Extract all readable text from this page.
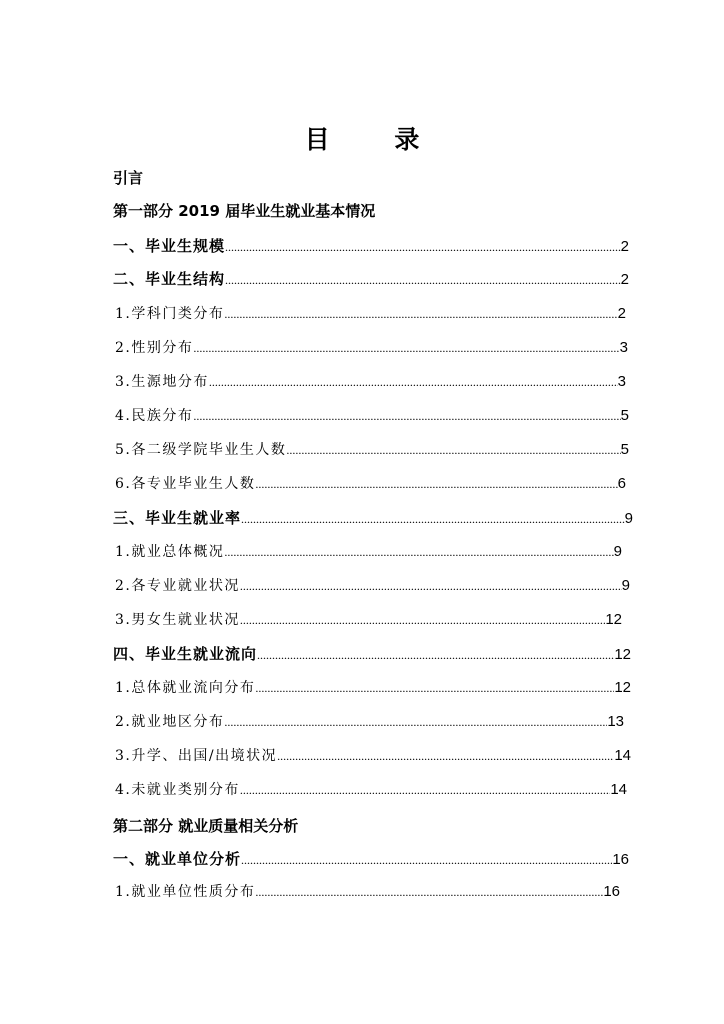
目 录
引言
第一部分 2019 届毕业生就业基本情况
一、毕业生规模 .....	2
二、毕业生结构 .....	2
1.学科门类分布 .....	2
2.性别分布 .....	3
3.生源地分布 .....	3
4.民族分布 .....	5
5.各二级学院毕业生人数 .....	5
6.各专业毕业生人数 .....	6
三、毕业生就业率 .....	9
1.就业总体概况 .....	9
2.各专业就业状况 .....	9
3.男女生就业状况 .....	12
四、毕业生就业流向 .....	12
1.总体就业流向分布 .....	12
2.就业地区分布 .....	13
3.升学、出国/出境状况 .....	14
4.未就业类别分布 .....	14
第二部分 就业质量相关分析
一、就业单位分析 .....	16
1.就业单位性质分布 .....	16
